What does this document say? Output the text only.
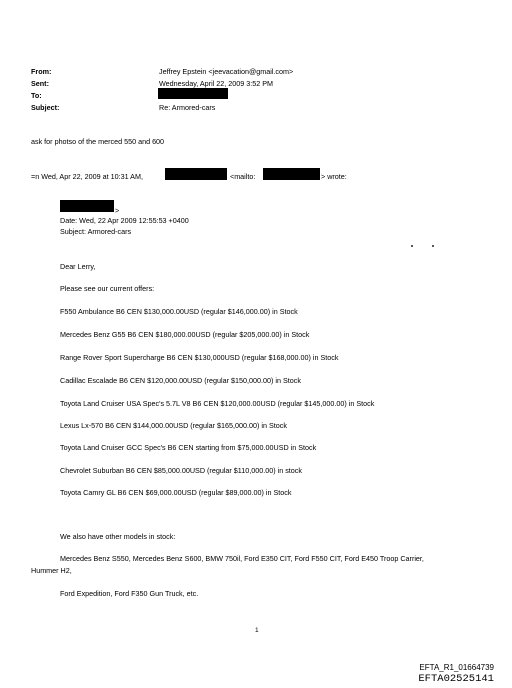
From:
Sent:
To:
Subject:
Jeffrey Epstein <jeevacation@gmail.com>
Wednesday, April 22, 2009 3:52 PM
Re: Armored-cars
ask for photso of the merced 550 and 600
=n Wed, Apr 22, 2009 at 10:31 AM,	<mailto:	> wrote:
>
Date: Wed, 22 Apr 2009 12:55:53 +0400
Subject: Armored-cars
Dear Lerry,
Please see our current offers:
F550 Ambulance B6 CEN $130,000.00USD (regular $146,000.00) in Stock
Mercedes Benz G55 B6 CEN $180,000.00USD (regular $205,000.00) in Stock
Range Rover Sport Supercharge B6 CEN $130,000USD (regular $168,000.00) in Stock
Cadillac Escalade B6 CEN $120,000.00USD (regular $150,000.00) in Stock
Toyota Land Cruiser USA Spec's 5.7L V8 B6 CEN $120,000.00USD (regular $145,000.00) in Stock
Lexus Lx-570 B6 CEN $144,000.00USD (regular $165,000.00) in Stock
Toyota Land Cruiser GCC Spec's B6 CEN starting from $75,000.00USD in Stock
Chevrolet Suburban B6 CEN $85,000.00USD (regular $110,000.00) in stock
Toyota Camry GL B6 CEN $69,000.00USD (regular $89,000.00) in Stock
We also have other models in stock:
Mercedes Benz S550, Mercedes Benz S600, BMW 750il, Ford E350 CIT, Ford F550 CIT, Ford E450 Troop Carrier,
Hummer H2,
Ford Expedition, Ford F350 Gun Truck, etc.
1
EFTA_R1_01664739
EFTA02525141
